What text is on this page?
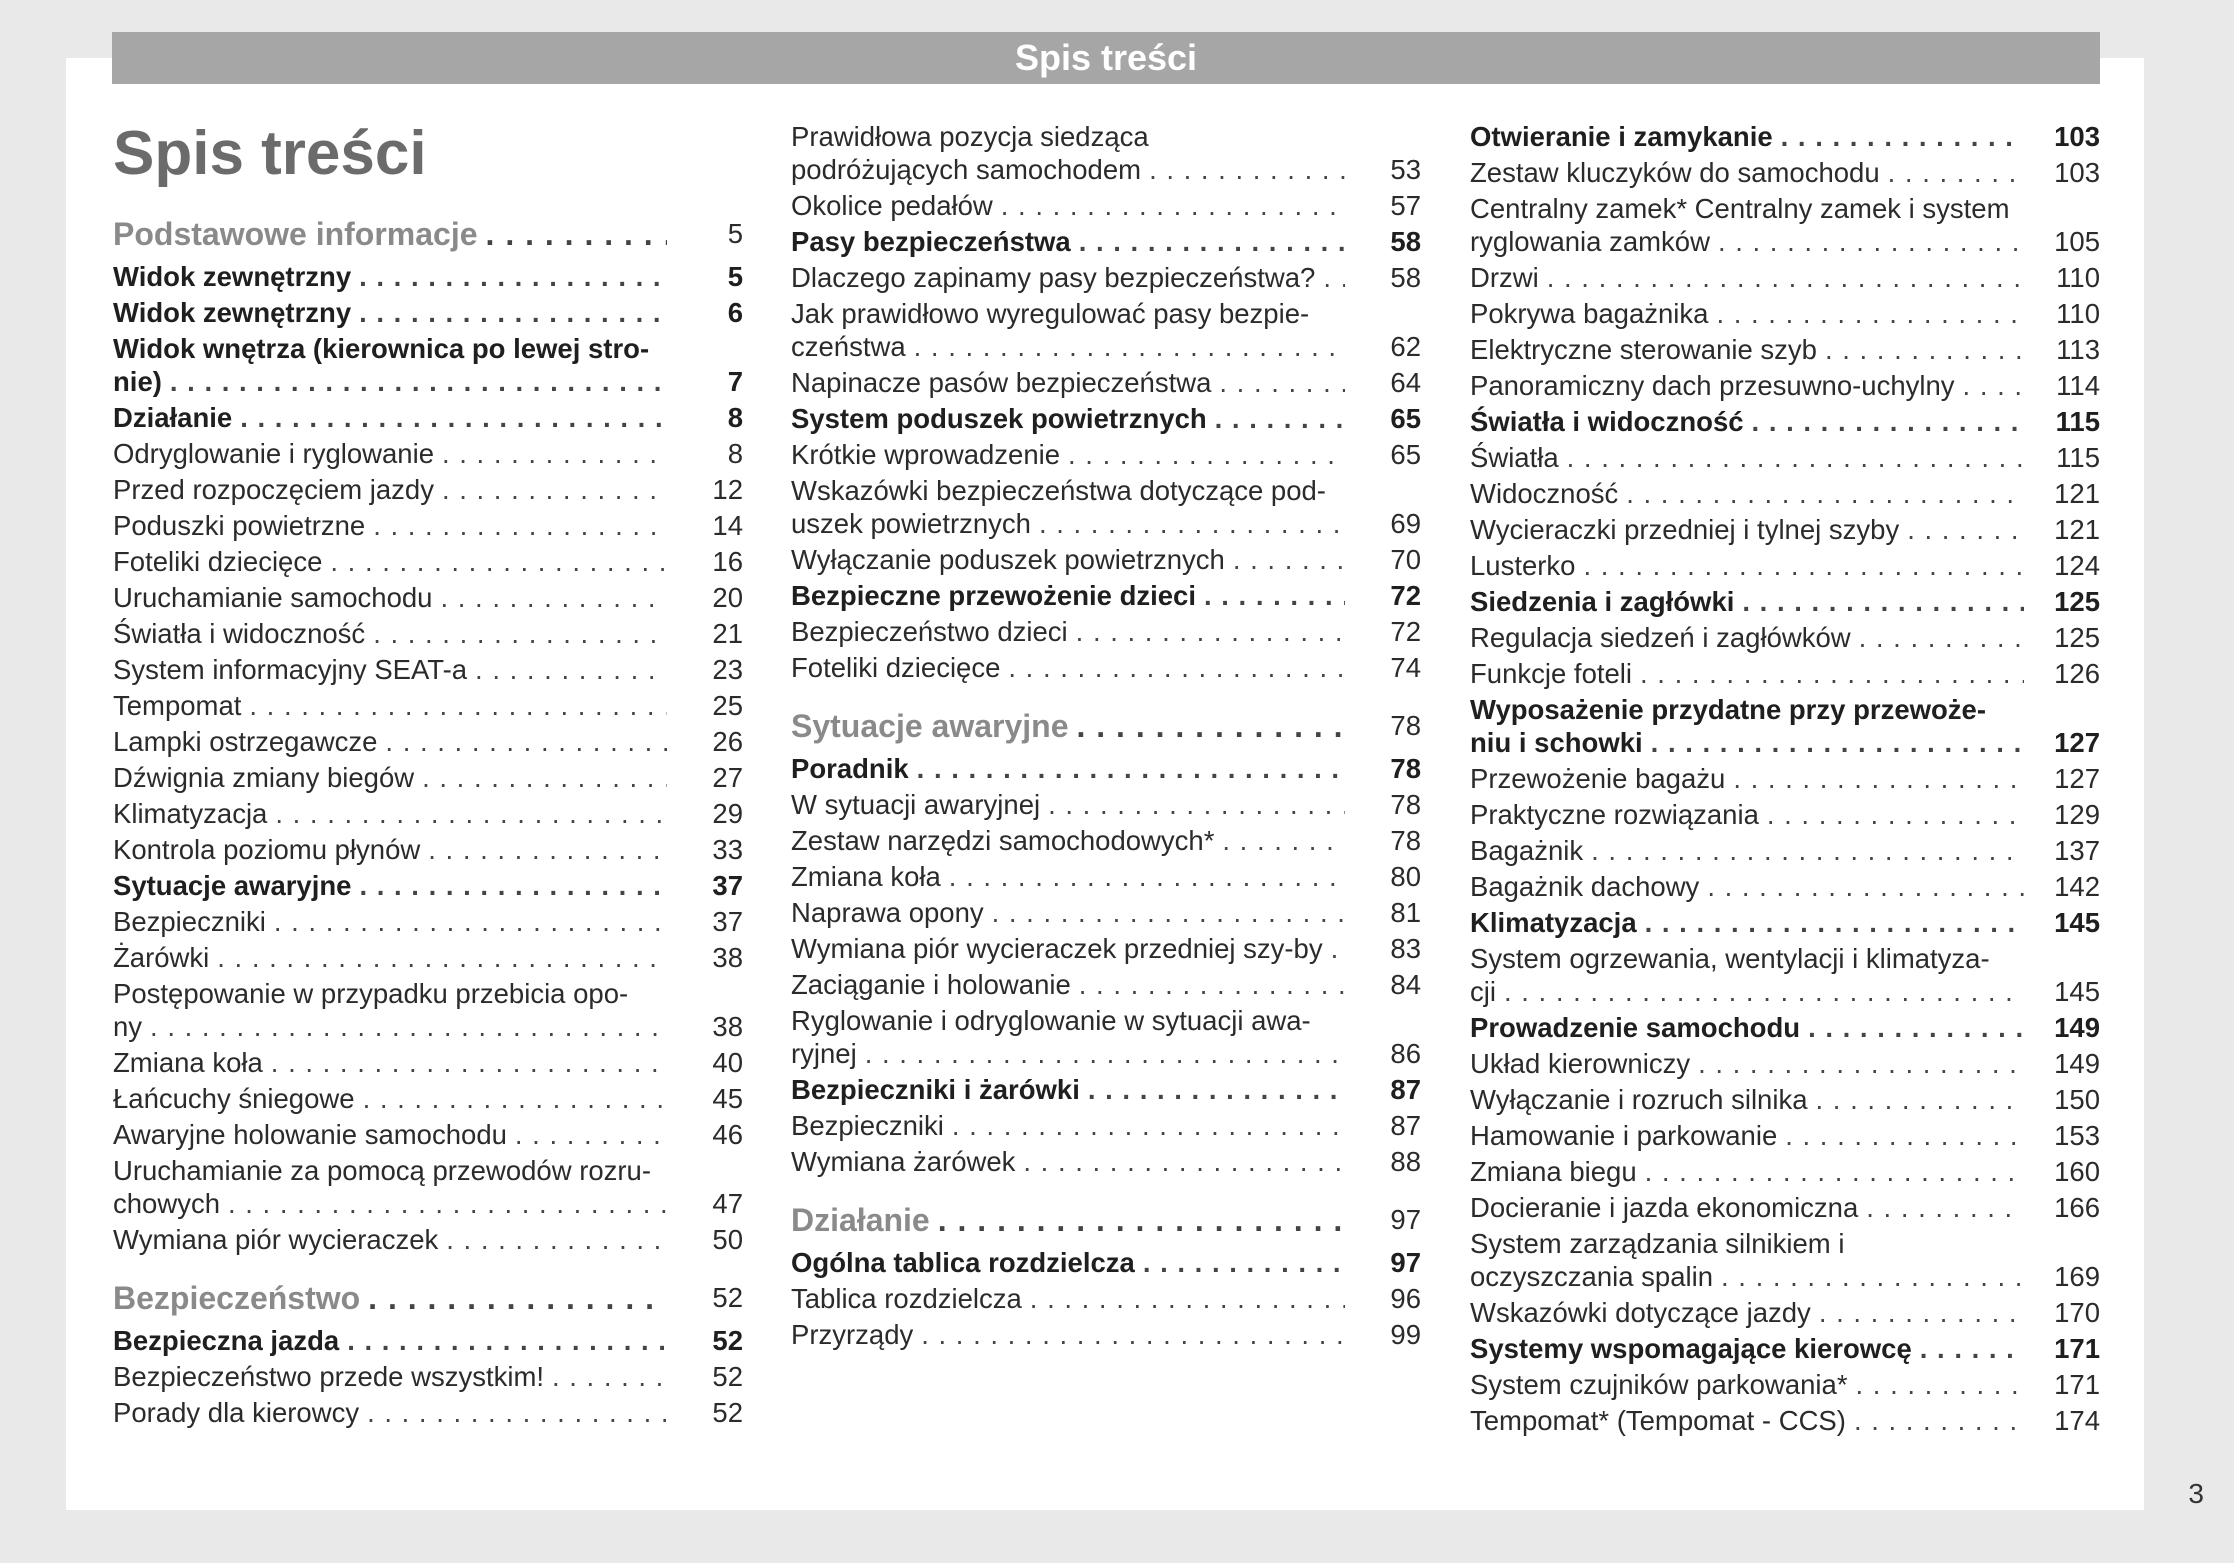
Spis treści
Spis treści
Podstawowe informacje . . .	5
Widok zewnętrzny . . .	5
Widok zewnętrzny . . .	6
Widok wnętrza (kierownica po lewej stro-nie) . . .	7
Działanie . . .	8
Odryglowanie i ryglowanie . . .	8
Przed rozpoczęciem jazdy . . .	12
Poduszki powietrzne . . .	14
Foteliki dziecięce . . .	16
Uruchamianie samochodu . . .	20
Światła i widoczność . . .	21
System informacyjny SEAT-a . . .	23
Tempomat . . .	25
Lampki ostrzegawcze . . .	26
Dźwignia zmiany biegów . . .	27
Klimatyzacja . . .	29
Kontrola poziomu płynów . . .	33
Sytuacje awaryjne . . .	37
Bezpieczniki . . .	37
Żarówki . . .	38
Postępowanie w przypadku przebicia opo-ny . . .	38
Zmiana koła . . .	40
Łańcuchy śniegowe . . .	45
Awaryjne holowanie samochodu . . .	46
Uruchamianie za pomocą przewodów rozru-chowych . . .	47
Wymiana piór wycieraczek . . .	50
Bezpieczeństwo . . .	52
Bezpieczna jazda . . .	52
Bezpieczeństwo przede wszystkim! . . .	52
Porady dla kierowcy . . .	52
Prawidłowa pozycja siedząca podróżujących samochodem . . .	53
Okolice pedałów . . .	57
Pasy bezpieczeństwa . . .	58
Dlaczego zapinamy pasy bezpieczeństwa? . . .	58
Jak prawidłowo wyregulować pasy bezpie-czeństwa . . .	62
Napinacze pasów bezpieczeństwa . . .	64
System poduszek powietrznych . . .	65
Krótkie wprowadzenie . . .	65
Wskazówki bezpieczeństwa dotyczące pod-uszek powietrznych . . .	69
Wyłączanie poduszek powietrznych . . .	70
Bezpieczne przewożenie dzieci . . .	72
Bezpieczeństwo dzieci . . .	72
Foteliki dziecięce . . .	74
Sytuacje awaryjne . . .	78
Poradnik . . .	78
W sytuacji awaryjnej . . .	78
Zestaw narzędzi samochodowych* . . .	78
Zmiana koła . . .	80
Naprawa opony . . .	81
Wymiana piór wycieraczek przedniej szy-by . . .	83
Zaciąganie i holowanie . . .	84
Ryglowanie i odryglowanie w sytuacji awa-ryjnej . . .	86
Bezpieczniki i żarówki . . .	87
Bezpieczniki . . .	87
Wymiana żarówek . . .	88
Działanie . . .	97
Ogólna tablica rozdzielcza . . .	97
Tablica rozdzielcza . . .	96
Przyrządy . . .	99
Otwieranie i zamykanie . . .	103
Zestaw kluczyków do samochodu . . .	103
Centralny zamek* Centralny zamek i system ryglowania zamków . . .	105
Drzwi . . .	110
Pokrywa bagażnika . . .	110
Elektryczne sterowanie szyb . . .	113
Panoramiczny dach przesuwno-uchylny . . .	114
Światła i widoczność . . .	115
Światła . . .	115
Widoczność . . .	121
Wycieraczki przedniej i tylnej szyby . . .	121
Lusterko . . .	124
Siedzenia i zagłówki . . .	125
Regulacja siedzeń i zagłówków . . .	125
Funkcje foteli . . .	126
Wyposażenie przydatne przy przewoże-niu i schowki . . .	127
Przewożenie bagażu . . .	127
Praktyczne rozwiązania . . .	129
Bagażnik . . .	137
Bagażnik dachowy . . .	142
Klimatyzacja . . .	145
System ogrzewania, wentylacji i klimatyza-cji . . .	145
Prowadzenie samochodu . . .	149
Układ kierowniczy . . .	149
Wyłączanie i rozruch silnika . . .	150
Hamowanie i parkowanie . . .	153
Zmiana biegu . . .	160
Docieranie i jazda ekonomiczna . . .	166
System zarządzania silnikiem i oczyszczania spalin . . .	169
Wskazówki dotyczące jazdy . . .	170
Systemy wspomagające kierowcę . . .	171
System czujników parkowania* . . .	171
Tempomat* (Tempomat - CCS) . . .	174
3
